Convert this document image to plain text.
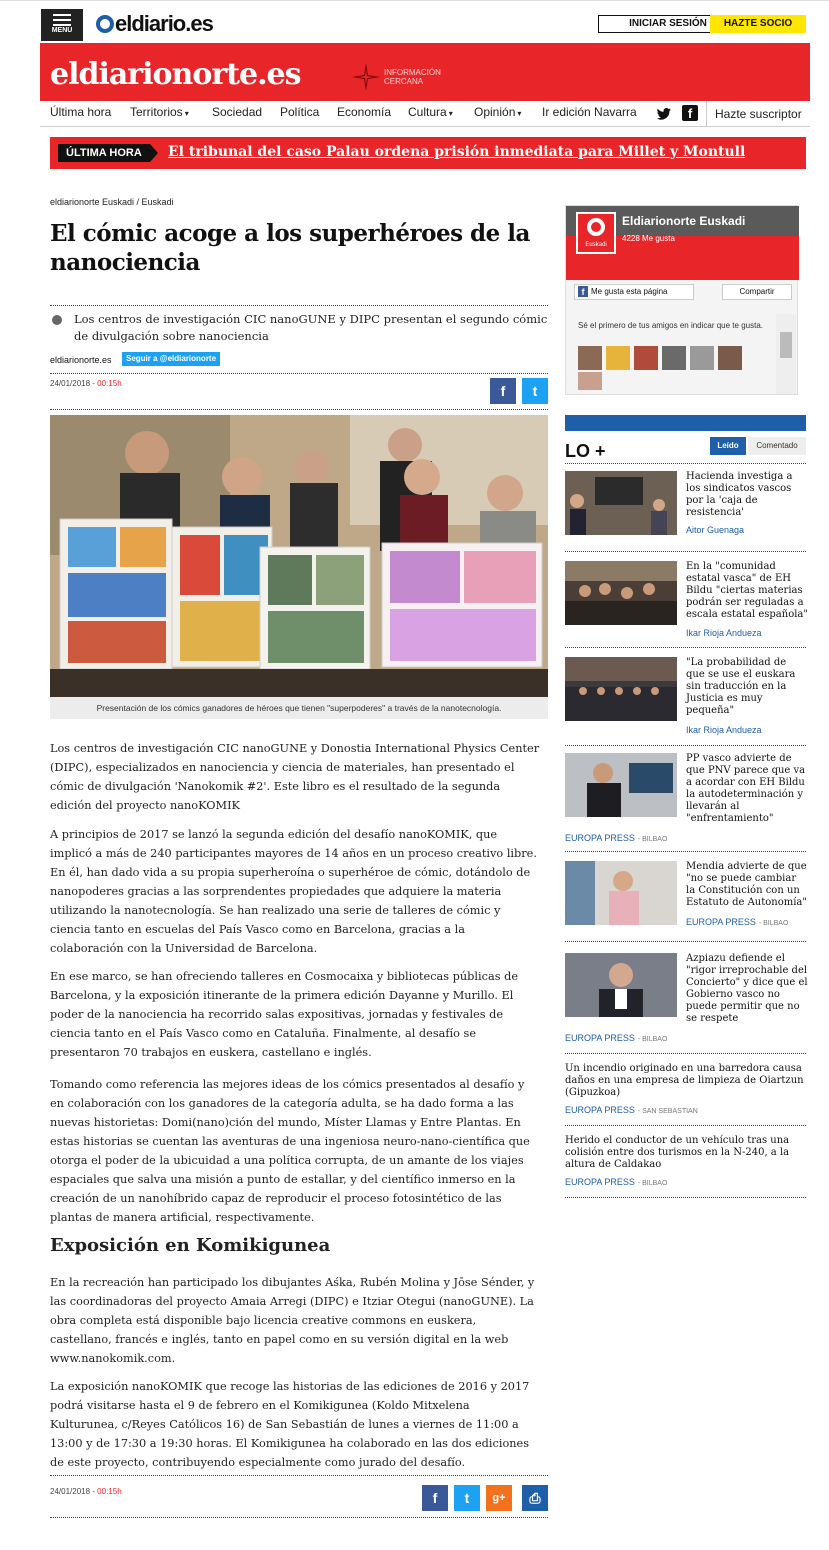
MENÚ	eldiario.es	INICIAR SESIÓN	HAZTE SOCIO
eldiarionorte.es	INFORMACIÓN CERCANA
Última hora Territorios ▾ Sociedad Política Economía Cultura ▾ Opinión ▾ Ir edición Navarra	f	Hazte suscriptor
ÚLTIMA HORA	El tribunal del caso Palau ordena prisión inmediata para Millet y Montull
eldiarionorte Euskadi / Euskadi
El cómic acoge a los superhéroes de la nanociencia
Los centros de investigación CIC nanoGUNE y DIPC presentan el segundo cómic de divulgación sobre nanociencia
eldiarionorte.es	Seguir a @eldiarionorte
24/01/2018 - 00:15h	f	t
Presentación de los cómics ganadores de héroes que tienen "superpoderes" a través de la nanotecnología.

Los centros de investigación CIC nanoGUNE y Donostia International Physics Center (DIPC), especializados en nanociencia y ciencia de materiales, han presentado el cómic de divulgación 'Nanokomik #2'. Este libro es el resultado de la segunda edición del proyecto nanoKOMIK

A principios de 2017 se lanzó la segunda edición del desafío nanoKOMIK, que implicó a más de 240 participantes mayores de 14 años en un proceso creativo libre. En él, han dado vida a su propia superheroína o superhéroe de cómic, dotándolo de nanopoderes gracias a las sorprendentes propiedades que adquiere la materia utilizando la nanotecnología. Se han realizado una serie de talleres de cómic y ciencia tanto en escuelas del País Vasco como en Barcelona, gracias a la colaboración con la Universidad de Barcelona.

En ese marco, se han ofreciendo talleres en Cosmocaixa y bibliotecas públicas de Barcelona, y la exposición itinerante de la primera edición Dayanne y Murillo. El poder de la nanociencia ha recorrido salas expositivas, jornadas y festivales de ciencia tanto en el País Vasco como en Cataluña. Finalmente, al desafío se presentaron 70 trabajos en euskera, castellano e inglés.

Tomando como referencia las mejores ideas de los cómics presentados al desafío y en colaboración con los ganadores de la categoría adulta, se ha dado forma a las nuevas historietas: Domi(nano)ción del mundo, Míster Llamas y Entre Plantas. En estas historias se cuentan las aventuras de una ingeniosa neuro-nano-científica que otorga el poder de la ubicuidad a una política corrupta, de un amante de los viajes espaciales que salva una misión a punto de estallar, y del científico inmerso en la creación de un nanohíbrido capaz de reproducir el proceso fotosintético de las plantas de manera artificial, respectivamente.

Exposición en Komikigunea

En la recreación han participado los dibujantes Aśka, Rubén Molina y Jōse Sénder, y las coordinadoras del proyecto Amaia Arregi (DIPC) e Itziar Otegui (nanoGUNE). La obra completa está disponible bajo licencia creative commons en euskera, castellano, francés e inglés, tanto en papel como en su versión digital en la web www.nanokomik.com.

La exposición nanoKOMIK que recoge las historias de las ediciones de 2016 y 2017 podrá visitarse hasta el 9 de febrero en el Komikigunea (Koldo Mitxelena Kulturunea, c/Reyes Católicos 16) de San Sebastián de lunes a viernes de 11:00 a 13:00 y de 17:30 a 19:30 horas. El Komikigunea ha colaborado en las dos ediciones de este proyecto, contribuyendo especialmente como jurado del desafío.

24/01/2018 - 00:15h	f	t	g+	⎙
Euskadi
Eldiarionorte Euskadi
4228 Me gusta
f Me gusta esta página	Compartir
Sé el primero de tus amigos en indicar que te gusta.
LO +	Leído	Comentado
Hacienda investiga a los sindicatos vascos por la 'caja de resistencia'
Aitor Guenaga
En la "comunidad estatal vasca" de EH Bildu "ciertas materias podrán ser reguladas a escala estatal española"
Ikar Rioja Andueza
"La probabilidad de que se use el euskara sin traducción en la Justicia es muy pequeña"
Ikar Rioja Andueza
PP vasco advierte de que PNV parece que va a acordar con EH Bildu la autodeterminación y llevarán al "enfrentamiento"
EUROPA PRESS - BILBAO
Mendia advierte de que "no se puede cambiar la Constitución con un Estatuto de Autonomía"
EUROPA PRESS - BILBAO
Azpiazu defiende el "rigor irreprochable del Concierto" y dice que el Gobierno vasco no puede permitir que no se respete
EUROPA PRESS - BILBAO
Un incendio originado en una barredora causa daños en una empresa de limpieza de Oiartzun (Gipuzkoa)
EUROPA PRESS - SAN SEBASTIAN
Herido el conductor de un vehículo tras una colisión entre dos turismos en la N-240, a la altura de Caldakao
EUROPA PRESS - BILBAO
